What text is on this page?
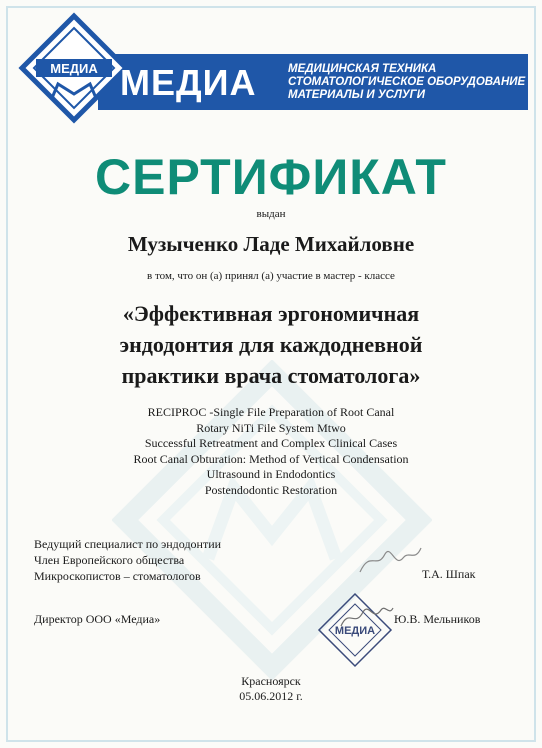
МЕДИА МЕДИА	МЕДИЦИНСКАЯ ТЕХНИКА
СТОМАТОЛОГИЧЕСКОЕ ОБОРУДОВАНИЕ
МАТЕРИАЛЫ И УСЛУГИ
СЕРТИФИКАТ
выдан
Музыченко Ладе Михайловне
в том, что он (а) принял (а) участие в мастер - классе
«Эффективная эргономичная
эндодонтия для каждодневной
практики врача стоматолога»
RECIPROC -Single File Preparation of Root Canal
Rotary NiTi File System Mtwo
Successful Retreatment and Complex Clinical Cases
Root Canal Obturation: Method of Vertical Condensation
Ultrasound in Endodontics
Postendodontic Restoration
Ведущий специалист по эндодонтии
Член Европейского общества
Микроскопистов – стоматологов	Т.А. Шпак
Директор ООО «Медиа»
МЕДИА
Ю.В. Мельников
Красноярск
05.06.2012 г.
